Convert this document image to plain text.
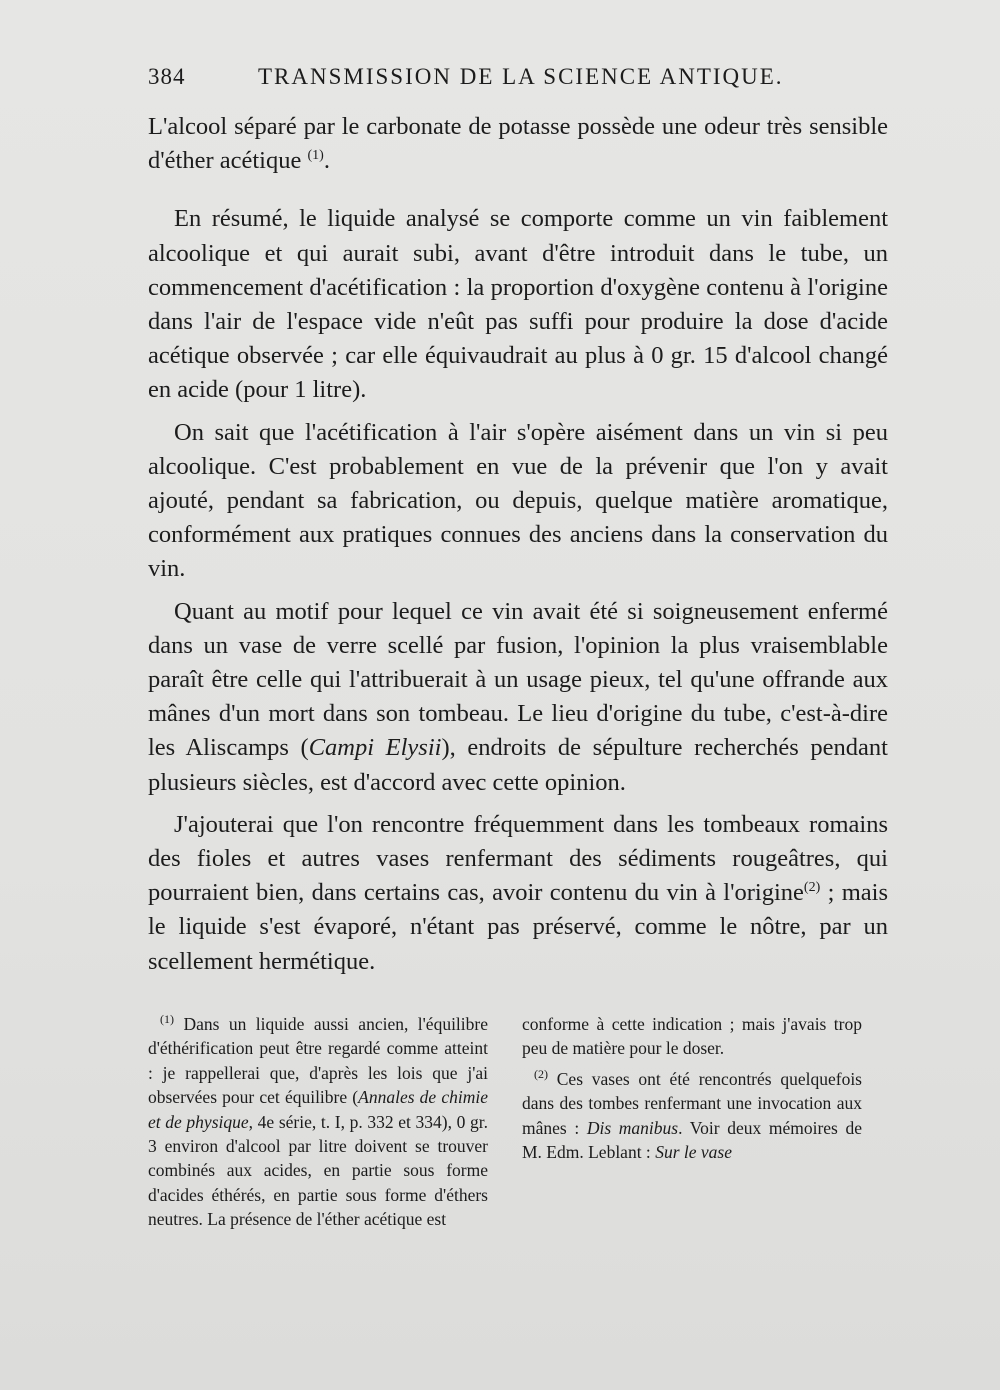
384	TRANSMISSION DE LA SCIENCE ANTIQUE.

L'alcool séparé par le carbonate de potasse possède une odeur très sensible d'éther acétique $^{(1)}$.

En résumé, le liquide analysé se comporte comme un vin faiblement alcoolique et qui aurait subi, avant d'être introduit dans le tube, un commencement d'acétification : la proportion d'oxygène contenu à l'origine dans l'air de l'espace vide n'eût pas suffi pour produire la dose d'acide acétique observée ; car elle équivaudrait au plus à 0 gr. 15 d'alcool changé en acide (pour 1 litre).

On sait que l'acétification à l'air s'opère aisément dans un vin si peu alcoolique. C'est probablement en vue de la prévenir que l'on y avait ajouté, pendant sa fabrication, ou depuis, quelque matière aromatique, conformément aux pratiques connues des anciens dans la conservation du vin.

Quant au motif pour lequel ce vin avait été si soigneusement enfermé dans un vase de verre scellé par fusion, l'opinion la plus vraisemblable paraît être celle qui l'attribuerait à un usage pieux, tel qu'une offrande aux mânes d'un mort dans son tombeau. Le lieu d'origine du tube, c'est-à-dire les Aliscamps (Campi Elysii), endroits de sépulture recherchés pendant plusieurs siècles, est d'accord avec cette opinion.

J'ajouterai que l'on rencontre fréquemment dans les tombeaux romains des fioles et autres vases renfermant des sédiments rougeâtres, qui pourraient bien, dans certains cas, avoir contenu du vin à l'origine$^{(2)}$ ; mais le liquide s'est évaporé, n'étant pas préservé, comme le nôtre, par un scellement hermétique.

$^{(1)}$ Dans un liquide aussi ancien, l'équilibre d'éthérification peut être regardé comme atteint : je rappellerai que, d'après les lois que j'ai observées pour cet équilibre (Annales de chimie et de physique, 4e série, t. I, p. 332 et 334), 0 gr. 3 environ d'alcool par litre doivent se trouver combinés aux acides, en partie sous forme d'acides éthérés, en partie sous forme d'éthers neutres. La présence de l'éther acétique est

conforme à cette indication ; mais j'avais trop peu de matière pour le doser.

$^{(2)}$ Ces vases ont été rencontrés quelquefois dans des tombes renfermant une invocation aux mânes : Dis manibus. Voir deux mémoires de M. Edm. Leblant : Sur le vase
